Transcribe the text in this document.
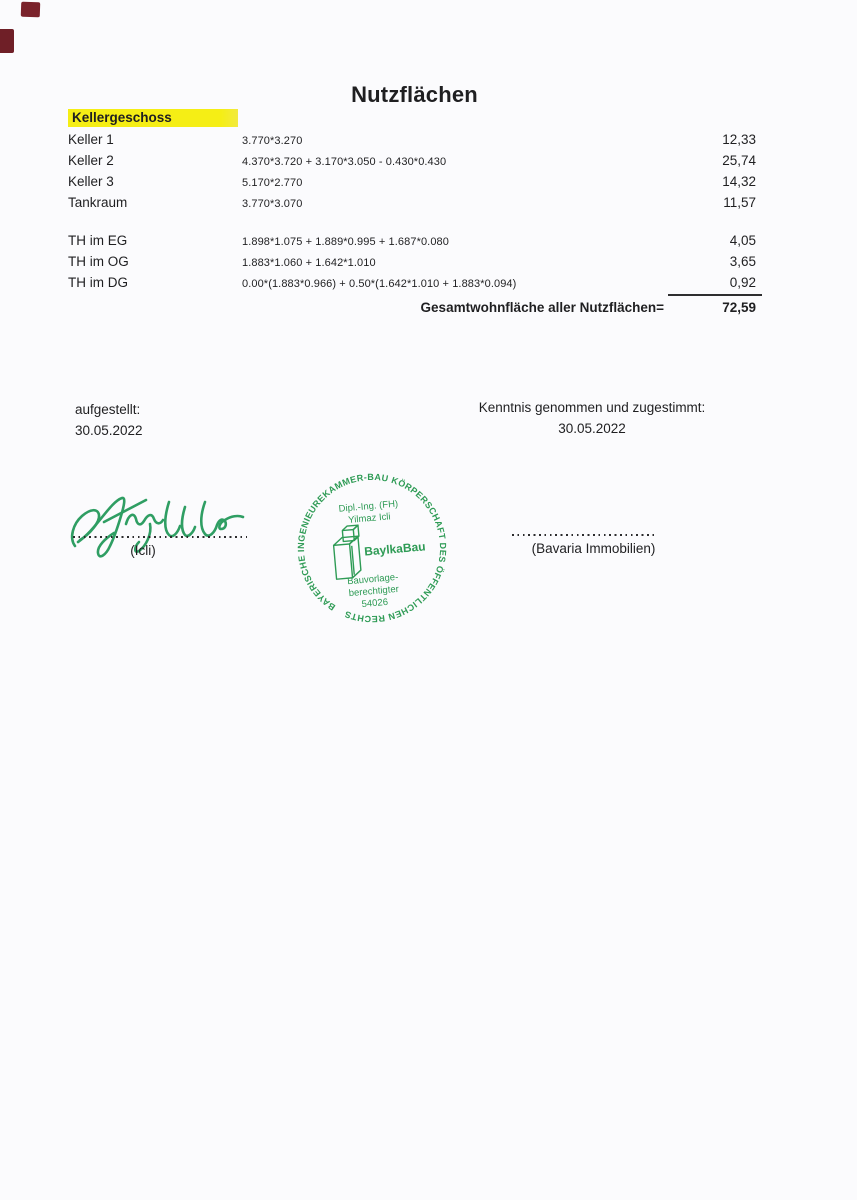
Nutzflächen
Kellergeschoss
Keller 1	3.770*3.270	12,33
Keller 2	4.370*3.720 + 3.170*3.050 - 0.430*0.430	25,74
Keller 3	5.170*2.770	14,32
Tankraum	3.770*3.070	11,57
TH im EG	1.898*1.075 + 1.889*0.995 + 1.687*0.080	4,05
TH im OG	1.883*1.060 + 1.642*1.010	3,65
TH im DG	0.00*(1.883*0.966) + 0.50*(1.642*1.010 + 1.883*0.094)	0,92
Gesamtwohnfläche aller Nutzflächen=	72,59
aufgestellt:
30.05.2022
Kenntnis genommen und zugestimmt:
30.05.2022
(Icli)
BAYERISCHE INGENIEUREKAMMER-BAU KÖRPERSCHAFT DES ÖFFENTLICHEN RECHTS
Dipl.-Ing. (FH)
Yilmaz Icli
BaylkaBau
Bauvorlage-
berechtigter
54026
(Bavaria Immobilien)
